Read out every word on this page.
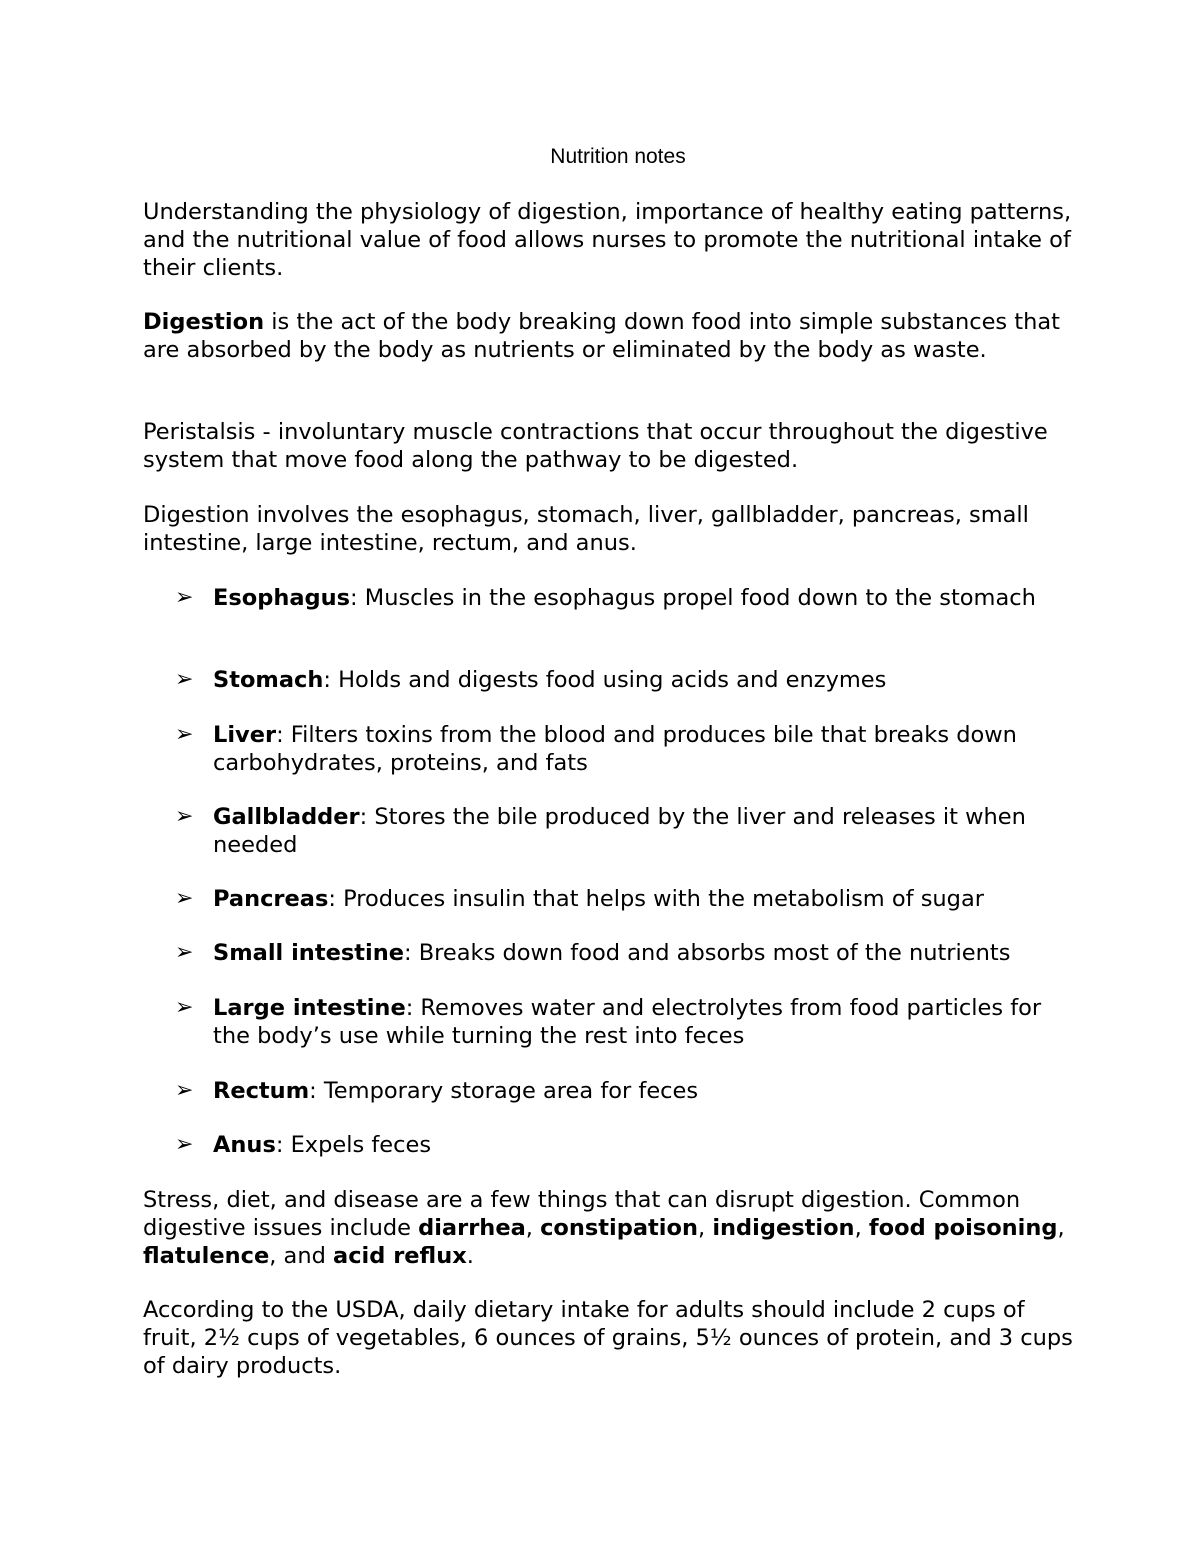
Nutrition notes

Understanding the physiology of digestion, importance of healthy eating patterns, and the nutritional value of food allows nurses to promote the nutritional intake of their clients.

Digestion is the act of the body breaking down food into simple substances that are absorbed by the body as nutrients or eliminated by the body as waste.

Peristalsis - involuntary muscle contractions that occur throughout the digestive system that move food along the pathway to be digested.

Digestion involves the esophagus, stomach, liver, gallbladder, pancreas, small intestine, large intestine, rectum, and anus.

➢ Esophagus: Muscles in the esophagus propel food down to the stomach
➢ Stomach: Holds and digests food using acids and enzymes
➢ Liver: Filters toxins from the blood and produces bile that breaks down carbohydrates, proteins, and fats
➢ Gallbladder: Stores the bile produced by the liver and releases it when needed
➢ Pancreas: Produces insulin that helps with the metabolism of sugar
➢ Small intestine: Breaks down food and absorbs most of the nutrients
➢ Large intestine: Removes water and electrolytes from food particles for the body’s use while turning the rest into feces
➢ Rectum: Temporary storage area for feces
➢ Anus: Expels feces

Stress, diet, and disease are a few things that can disrupt digestion. Common digestive issues include diarrhea, constipation, indigestion, food poisoning, flatulence, and acid reflux.

According to the USDA, daily dietary intake for adults should include 2 cups of fruit, 2½ cups of vegetables, 6 ounces of grains, 5½ ounces of protein, and 3 cups of dairy products.
